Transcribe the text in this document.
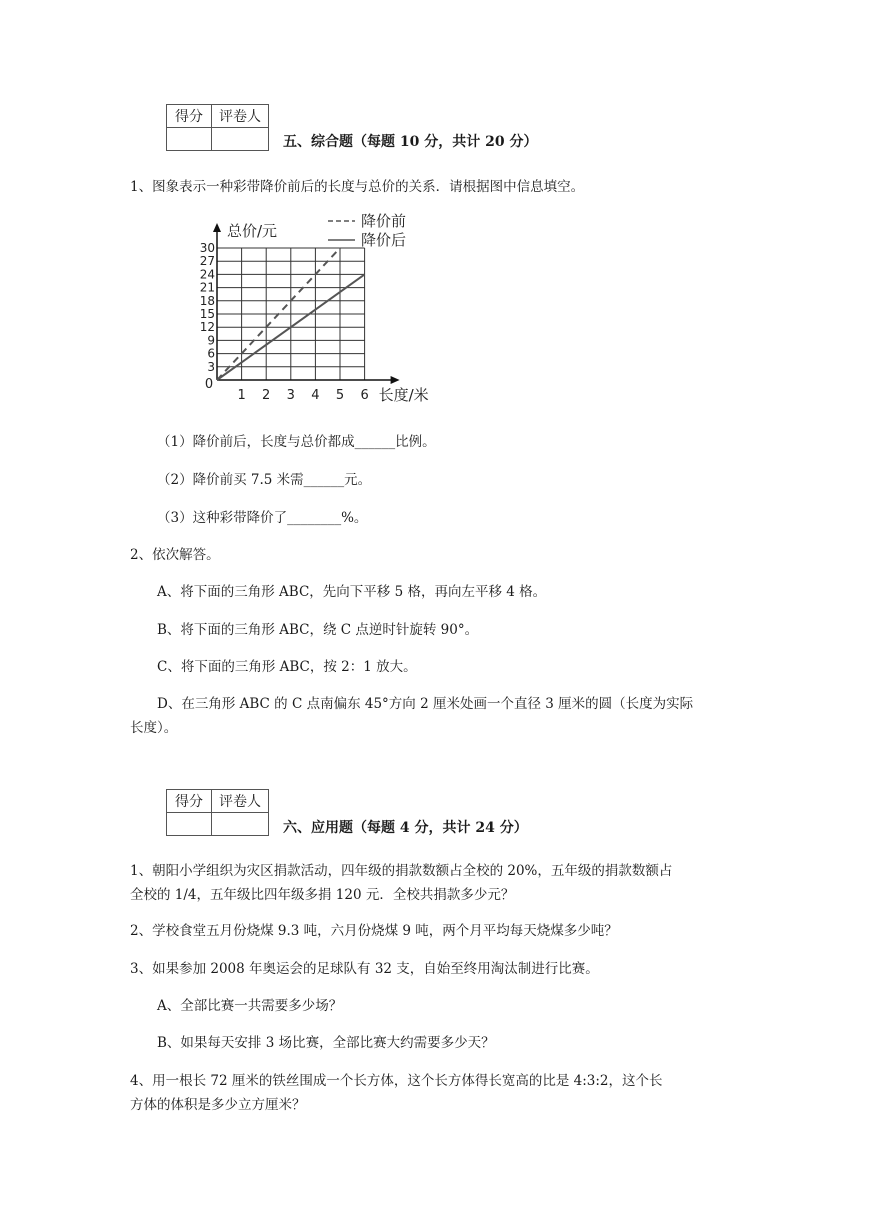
得分	评卷人

五、综合题（每题 10 分，共计 20 分）
1、图象表示一种彩带降价前后的长度与总价的关系．请根据图中信息填空。
1 2 3 4 5 6
3
6
9
12
15
18
21
24
27
30
0
总价/元
长度/米
降价前
降价后
（1）降价前后，长度与总价都成______比例。
（2）降价前买 7.5 米需______元。
（3）这种彩带降价了________%。
2、依次解答。
A、将下面的三角形 ABC，先向下平移 5 格，再向左平移 4 格。
B、将下面的三角形 ABC，绕 C 点逆时针旋转 90°。
C、将下面的三角形 ABC，按 2：1 放大。
D、在三角形 ABC 的 C 点南偏东 45°方向 2 厘米处画一个直径 3 厘米的圆（长度为实际
长度）。
得分	评卷人

六、应用题（每题 4 分，共计 24 分）
1、朝阳小学组织为灾区捐款活动，四年级的捐款数额占全校的 20%，五年级的捐款数额占
全校的 1/4，五年级比四年级多捐 120 元．全校共捐款多少元？
2、学校食堂五月份烧煤 9.3 吨，六月份烧煤 9 吨，两个月平均每天烧煤多少吨？
3、如果参加 2008 年奥运会的足球队有 32 支，自始至终用淘汰制进行比赛。
A、全部比赛一共需要多少场？
B、如果每天安排 3 场比赛，全部比赛大约需要多少天？
4、用一根长 72 厘米的铁丝围成一个长方体，这个长方体得长宽高的比是 4:3:2，这个长
方体的体积是多少立方厘米？
